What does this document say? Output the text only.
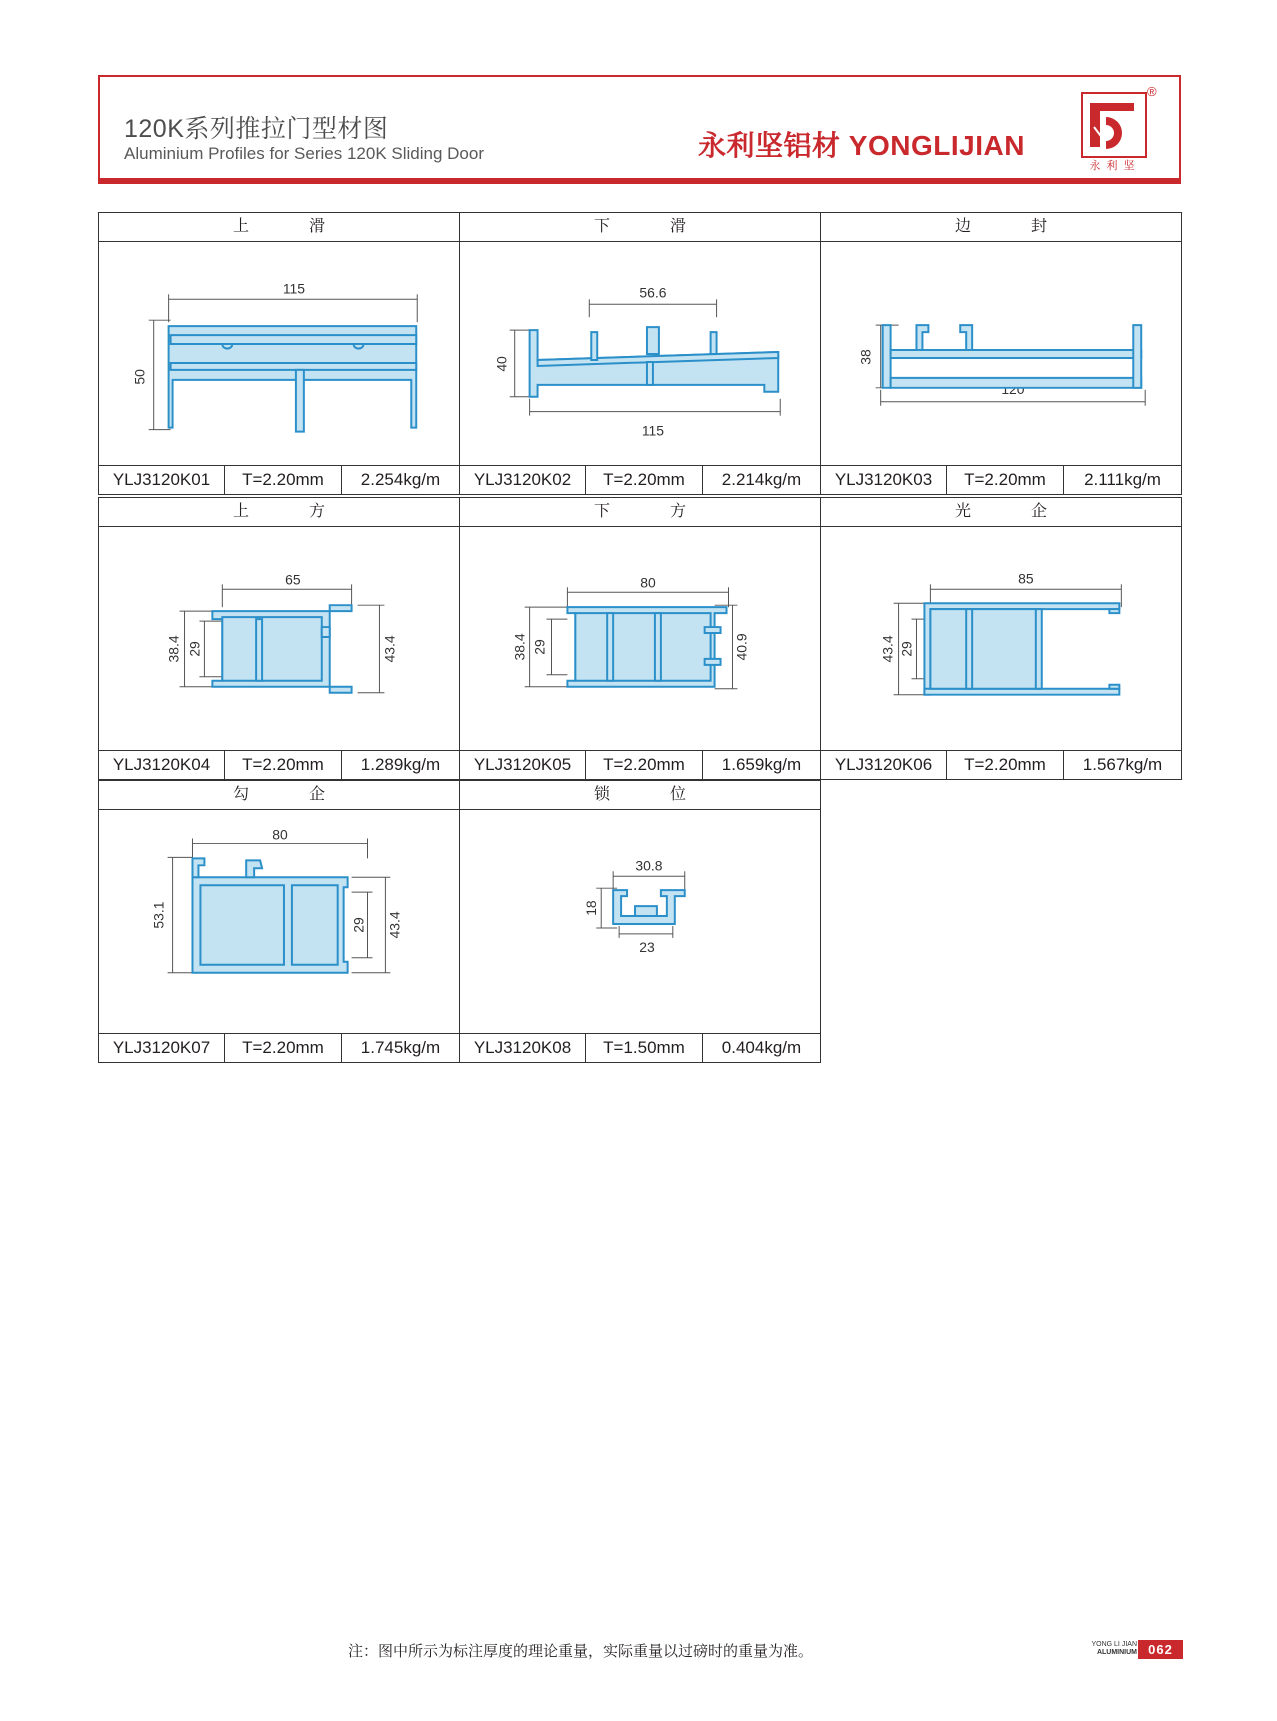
120K系列推拉门型材图
Aluminium Profiles for Series 120K Sliding Door	永利坚铝材 YONGLIJIAN
永利坚
®
上　滑
115
50
YLJ3120K01	T=2.20mm	2.254kg/m
下　滑
56.6
40
115
YLJ3120K02	T=2.20mm	2.214kg/m
边　封
38
YLJ3120K03	T=2.20mm	2.111kg/m
上　方
65
38.4 29	43.4
YLJ3120K04	T=2.20mm	1.289kg/m
下　方
80
38.4 29	40.9
YLJ3120K05	T=2.20mm	1.659kg/m
光　企
85
43.4 29
YLJ3120K06	T=2.20mm	1.567kg/m
勾　企
80
53.1	29 43.4
YLJ3120K07	T=2.20mm	1.745kg/m
锁　位
30.8
18
23
YLJ3120K08	T=1.50mm	0.404kg/m
注：图中所示为标注厚度的理论重量，实际重量以过磅时的重量为准。	YONG LI JIAN
ALUMINIUM 062
